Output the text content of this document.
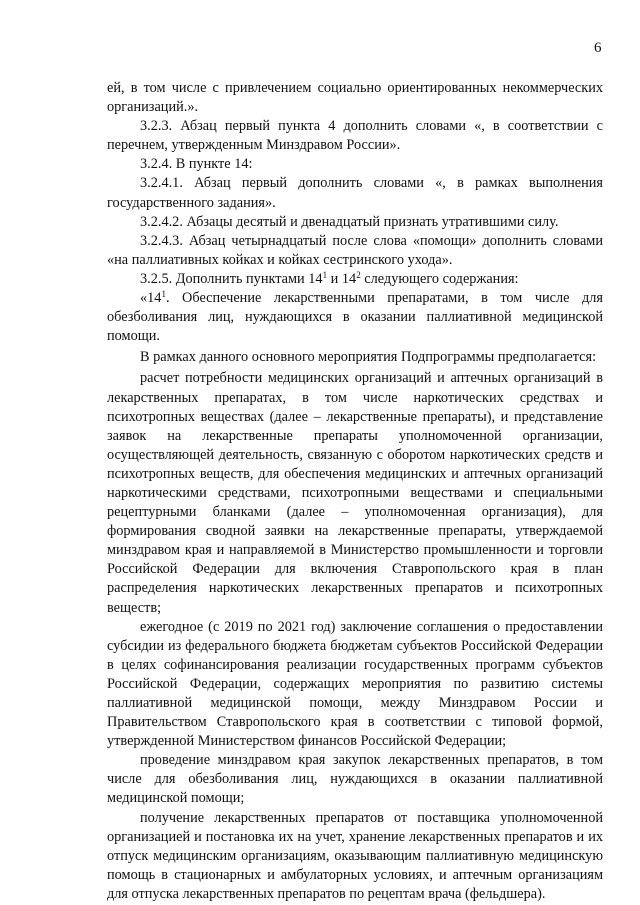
6

ей, в том числе с привлечением социально ориентированных некоммерческих организаций.».

3.2.3. Абзац первый пункта 4 дополнить словами «, в соответствии с перечнем, утвержденным Минздравом России».

3.2.4. В пункте 14:

3.2.4.1. Абзац первый дополнить словами «, в рамках выполнения государственного задания».

3.2.4.2. Абзацы десятый и двенадцатый признать утратившими силу.

3.2.4.3. Абзац четырнадцатый после слова «помощи» дополнить словами «на паллиативных койках и койках сестринского ухода».

3.2.5. Дополнить пунктами $14^1$ и $14^2$ следующего содержания:

«$14^1$. Обеспечение лекарственными препаратами, в том числе для обезболивания лиц, нуждающихся в оказании паллиативной медицинской помощи.

В рамках данного основного мероприятия Подпрограммы предполагается:

расчет потребности медицинских организаций и аптечных организаций в лекарственных препаратах, в том числе наркотических средствах и психотропных веществах (далее – лекарственные препараты), и представление заявок на лекарственные препараты уполномоченной организации, осуществляющей деятельность, связанную с оборотом наркотических средств и психотропных веществ, для обеспечения медицинских и аптечных организаций наркотическими средствами, психотропными веществами и специальными рецептурными бланками (далее – уполномоченная организация), для формирования сводной заявки на лекарственные препараты, утверждаемой минздравом края и направляемой в Министерство промышленности и торговли Российской Федерации для включения Ставропольского края в план распределения наркотических лекарственных препаратов и психотропных веществ;

ежегодное (с 2019 по 2021 год) заключение соглашения о предоставлении субсидии из федерального бюджета бюджетам субъектов Российской Федерации в целях софинансирования реализации государственных программ субъектов Российской Федерации, содержащих мероприятия по развитию системы паллиативной медицинской помощи, между Минздравом России и Правительством Ставропольского края в соответствии с типовой формой, утвержденной Министерством финансов Российской Федерации;

проведение минздравом края закупок лекарственных препаратов, в том числе для обезболивания лиц, нуждающихся в оказании паллиативной медицинской помощи;

получение лекарственных препаратов от поставщика уполномоченной организацией и постановка их на учет, хранение лекарственных препаратов и их отпуск медицинским организациям, оказывающим паллиативную медицинскую помощь в стационарных и амбулаторных условиях, и аптечным организациям для отпуска лекарственных препаратов по рецептам врача (фельдшера).
